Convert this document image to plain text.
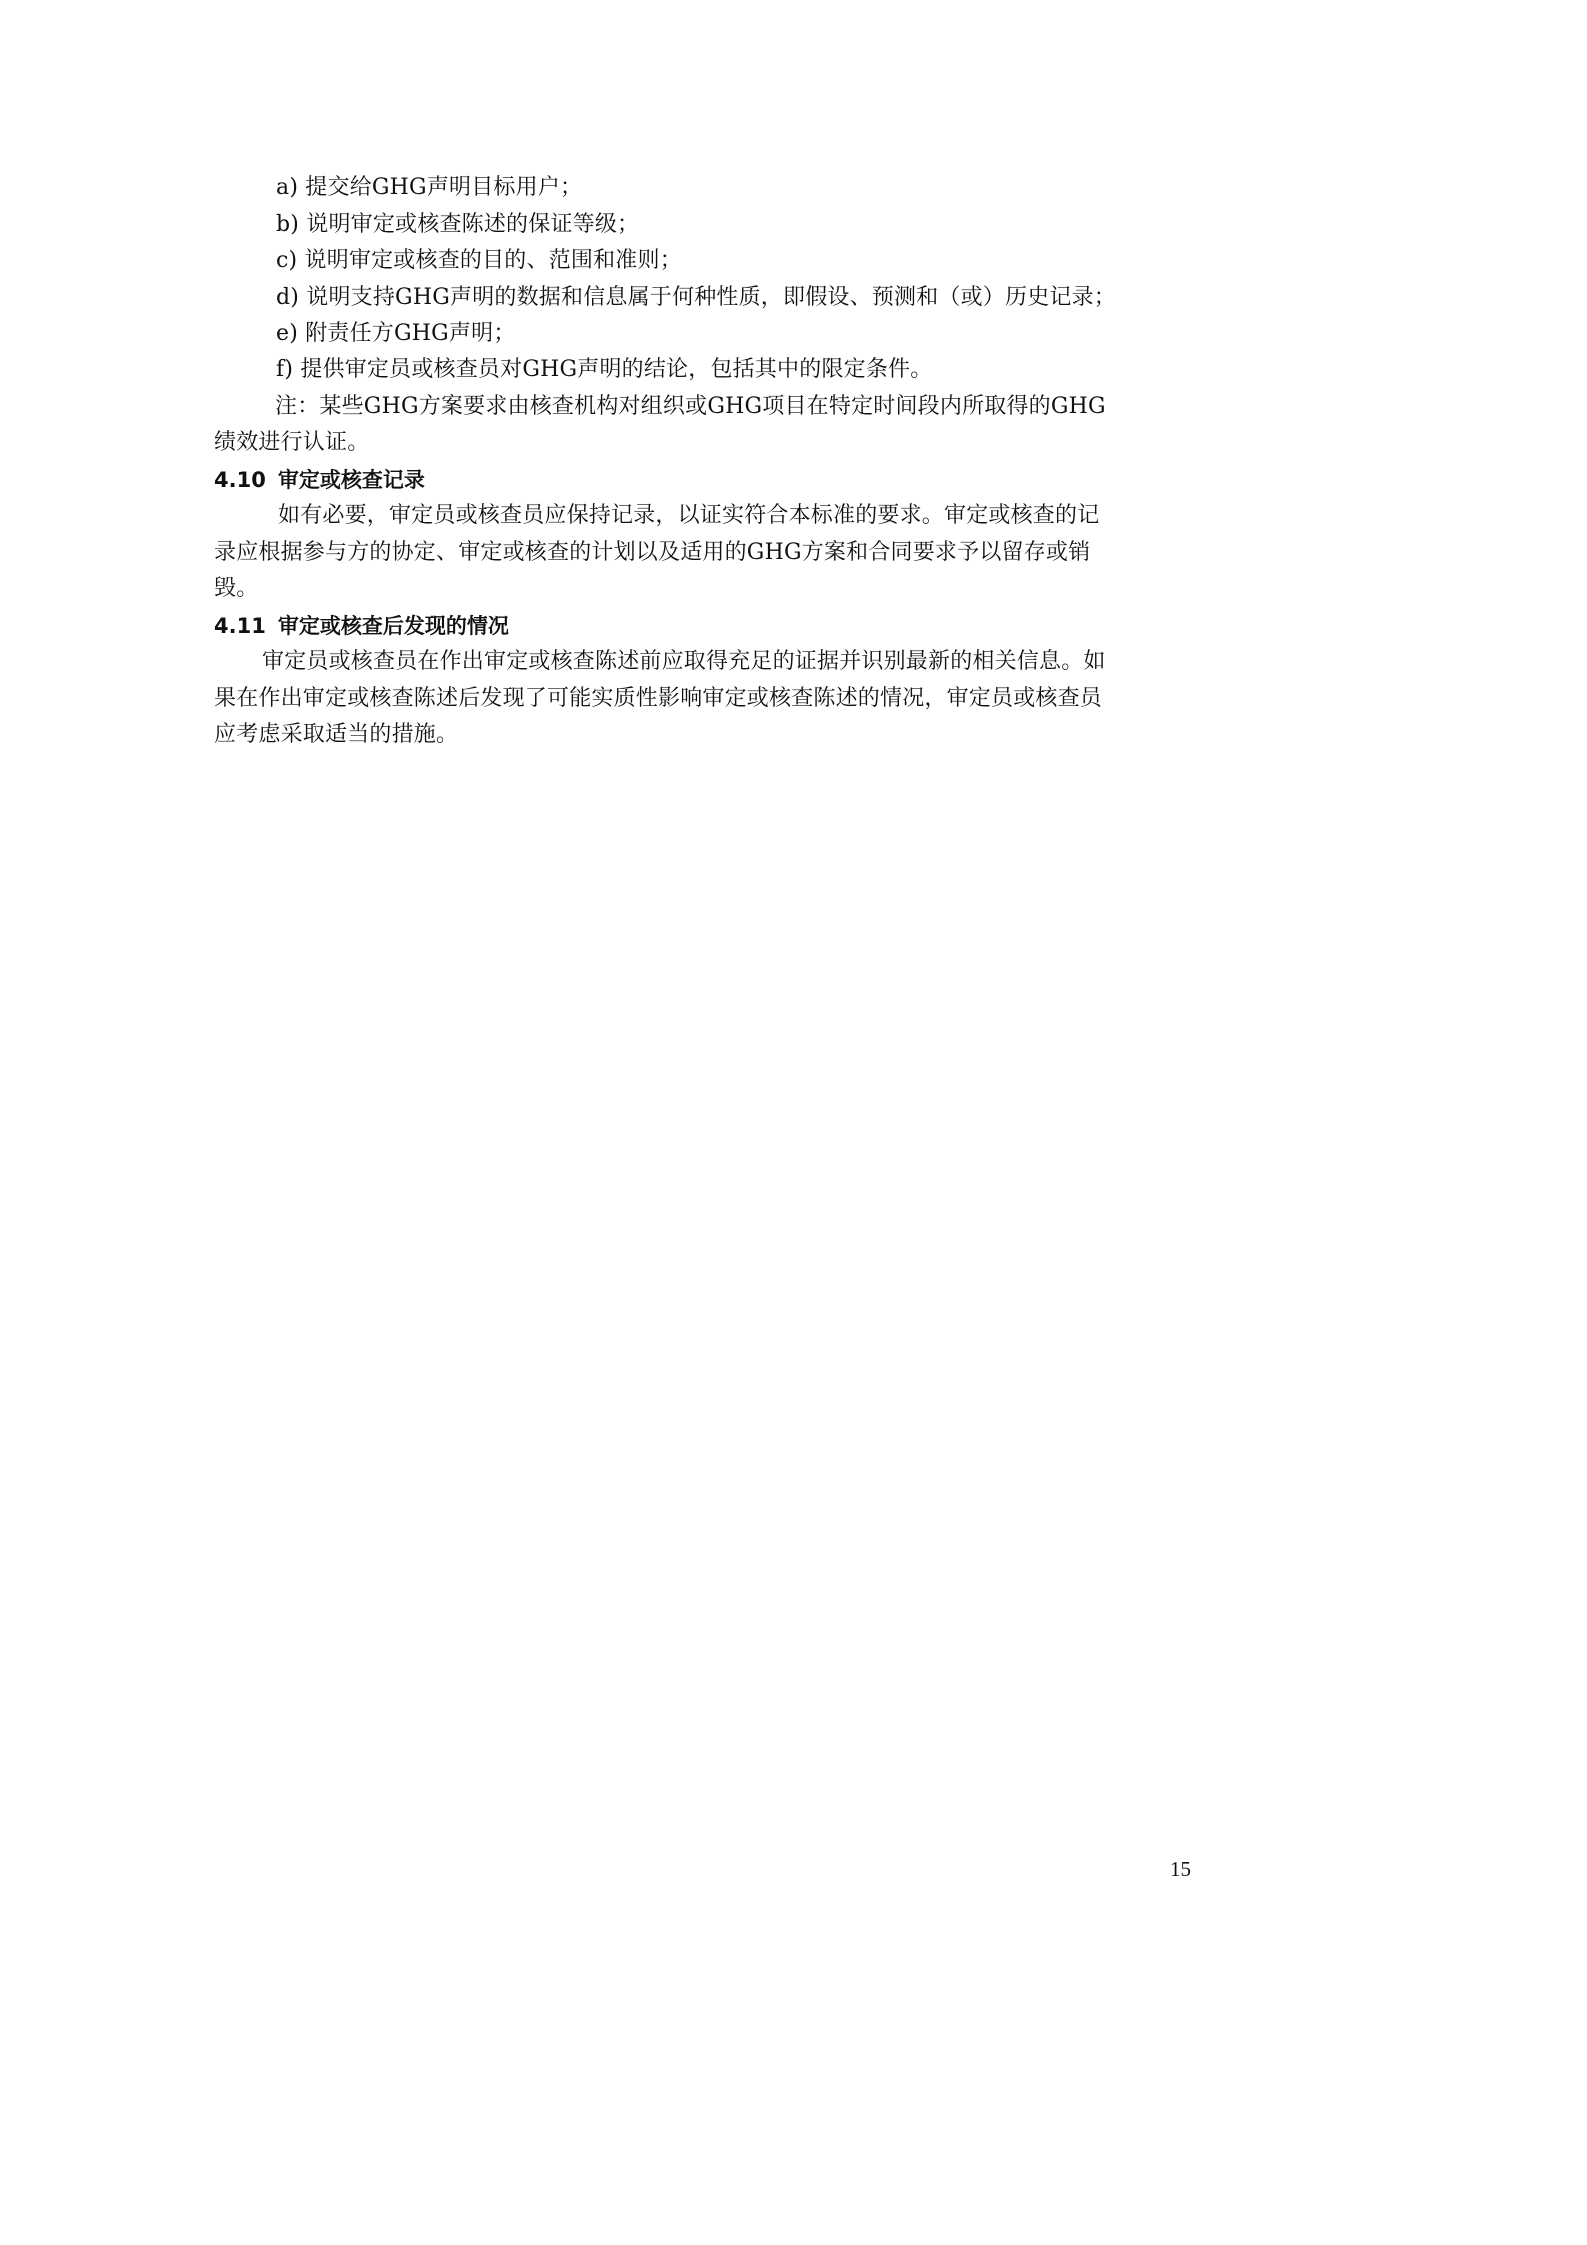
a) 提交给GHG声明目标用户；
b) 说明审定或核查陈述的保证等级；
c) 说明审定或核查的目的、范围和准则；
d) 说明支持GHG声明的数据和信息属于何种性质，即假设、预测和（或）历史记录；
e) 附责任方GHG声明；
f) 提供审定员或核查员对GHG声明的结论，包括其中的限定条件。
注：某些GHG方案要求由核查机构对组织或GHG项目在特定时间段内所取得的GHG
绩效进行认证。
4.10 审定或核查记录
如有必要，审定员或核查员应保持记录，以证实符合本标准的要求。审定或核查的记
录应根据参与方的协定、审定或核查的计划以及适用的GHG方案和合同要求予以留存或销
毁。
4.11 审定或核查后发现的情况
审定员或核查员在作出审定或核查陈述前应取得充足的证据并识别最新的相关信息。如
果在作出审定或核查陈述后发现了可能实质性影响审定或核查陈述的情况，审定员或核查员
应考虑采取适当的措施。
15
